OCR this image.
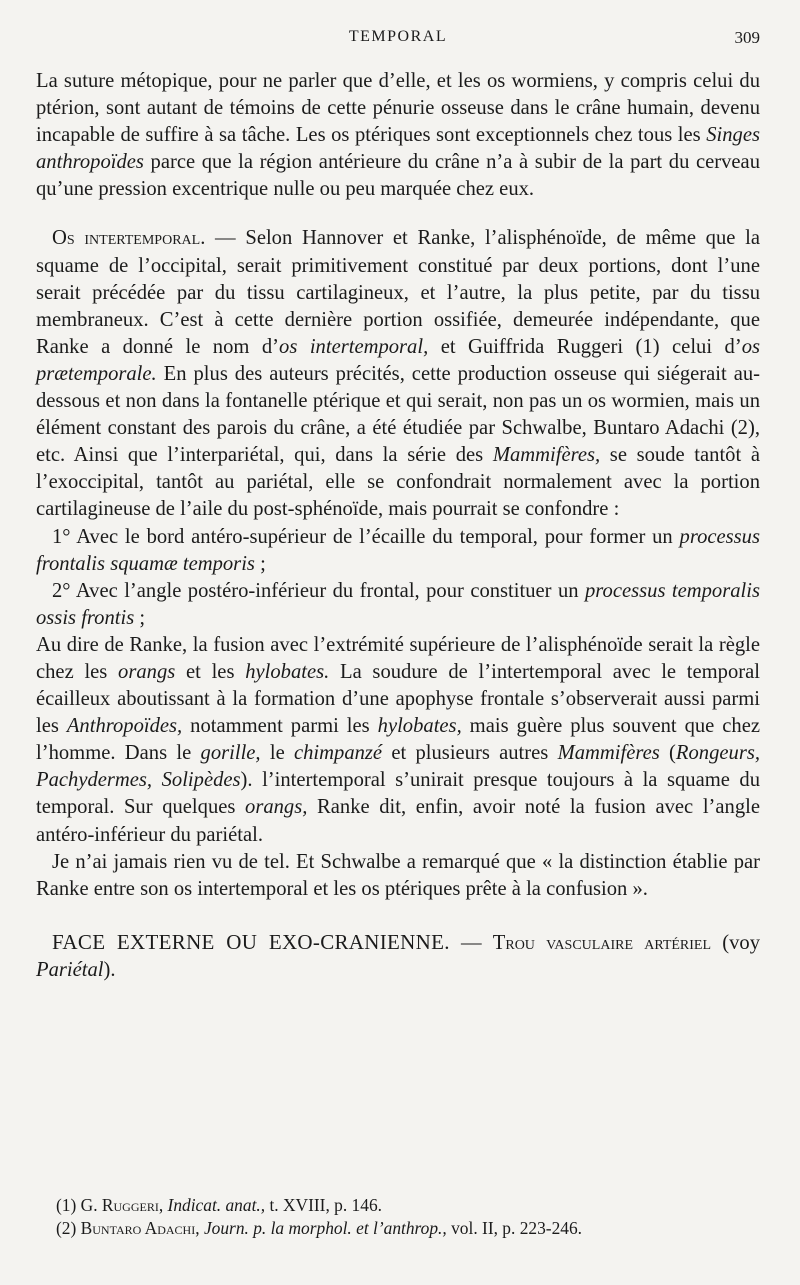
TEMPORAL	309

La suture métopique, pour ne parler que d’elle, et les os wormiens, y compris celui du ptérion, sont autant de témoins de cette pénurie osseuse dans le crâne humain, devenu incapable de suffire à sa tâche. Les os ptériques sont exceptionnels chez tous les Singes anthropoïdes parce que la région antérieure du crâne n’a à subir de la part du cerveau qu’une pression excentrique nulle ou peu marquée chez eux.

Os intertemporal. — Selon Hannover et Ranke, l’alisphénoïde, de même que la squame de l’occipital, serait primitivement constitué par deux portions, dont l’une serait précédée par du tissu cartilagineux, et l’autre, la plus petite, par du tissu membraneux. C’est à cette dernière portion ossifiée, demeurée indépendante, que Ranke a donné le nom d’os intertemporal, et Guiffrida Ruggeri (1) celui d’os prætemporale. En plus des auteurs précités, cette production osseuse qui siégerait au-dessous et non dans la fontanelle ptérique et qui serait, non pas un os wormien, mais un élément constant des parois du crâne, a été étudiée par Schwalbe, Buntaro Adachi (2), etc. Ainsi que l’interpariétal, qui, dans la série des Mammifères, se soude tantôt à l’exoccipital, tantôt au pariétal, elle se confondrait normalement avec la portion cartilagineuse de l’aile du post-sphénoïde, mais pourrait se confondre :

1° Avec le bord antéro-supérieur de l’écaille du temporal, pour former un processus frontalis squamæ temporis ;

2° Avec l’angle postéro-inférieur du frontal, pour constituer un processus temporalis ossis frontis ;

Au dire de Ranke, la fusion avec l’extrémité supérieure de l’alisphénoïde serait la règle chez les orangs et les hylobates. La soudure de l’intertemporal avec le temporal écailleux aboutissant à la formation d’une apophyse frontale s’observerait aussi parmi les Anthropoïdes, notamment parmi les hylobates, mais guère plus souvent que chez l’homme. Dans le gorille, le chimpanzé et plusieurs autres Mammifères (Rongeurs, Pachydermes, Solipèdes). l’intertemporal s’unirait presque toujours à la squame du temporal. Sur quelques orangs, Ranke dit, enfin, avoir noté la fusion avec l’angle antéro-inférieur du pariétal.

Je n’ai jamais rien vu de tel. Et Schwalbe a remarqué que « la distinction établie par Ranke entre son os intertemporal et les os ptériques prête à la confusion ».

FACE EXTERNE OU EXO-CRANIENNE. — Trou vasculaire artériel (voy Pariétal).

(1) G. Ruggeri, Indicat. anat., t. XVIII, p. 146.

(2) Buntaro Adachi, Journ. p. la morphol. et l’anthrop., vol. II, p. 223-246.
